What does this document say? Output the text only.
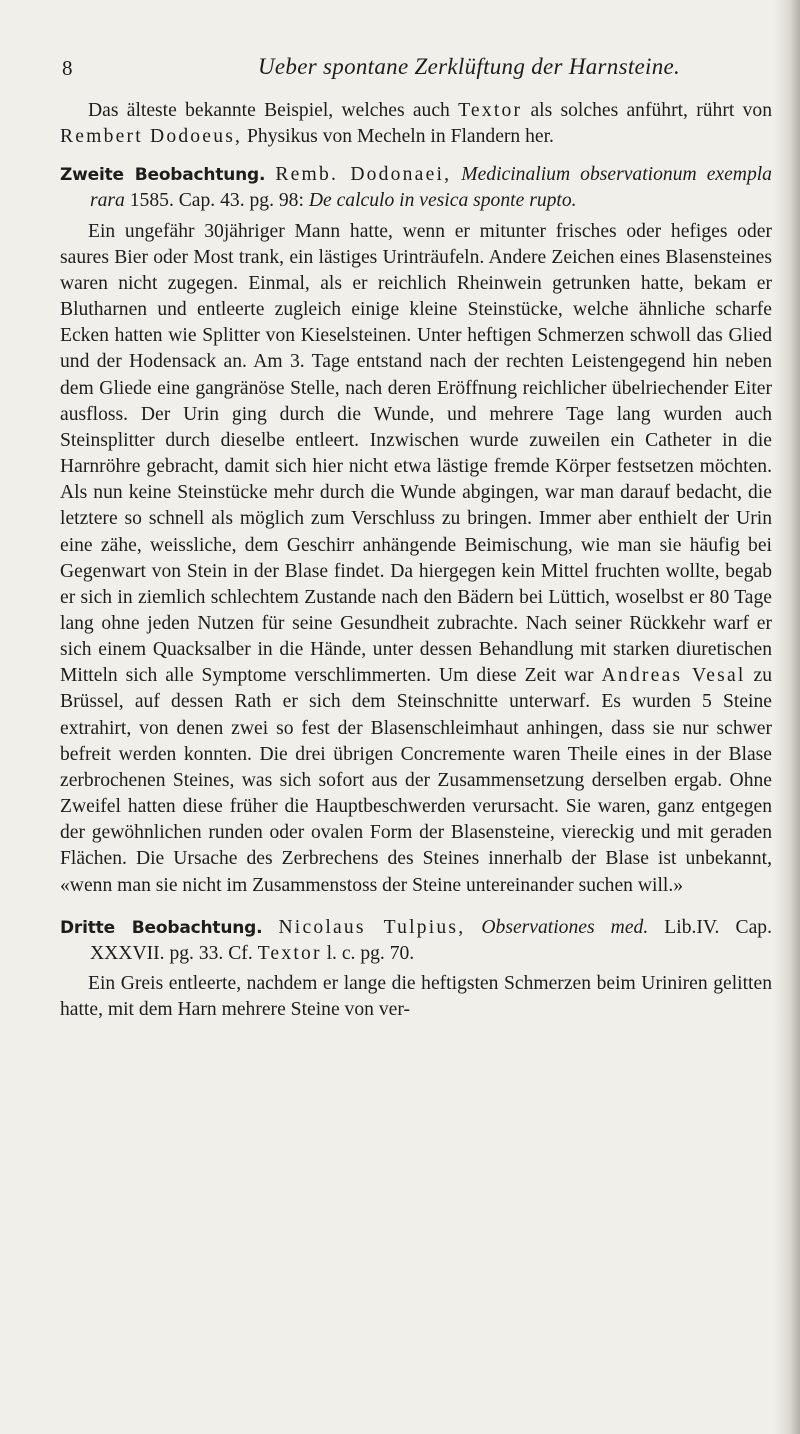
8	Ueber spontane Zerklüftung der Harnsteine.

Das älteste bekannte Beispiel, welches auch Textor als solches anführt, rührt von Rembert Dodoeus, Physikus von Mecheln in Flandern her.

Zweite Beobachtung. Remb. Dodonaei, Medicinalium observationum exempla rara 1585. Cap. 43. pg. 98: De calculo in vesica sponte rupto.

Ein ungefähr 30jähriger Mann hatte, wenn er mitunter frisches oder hefiges oder saures Bier oder Most trank, ein lästiges Urinträufeln. Andere Zeichen eines Blasensteines waren nicht zugegen. Einmal, als er reichlich Rheinwein getrunken hatte, bekam er Blutharnen und entleerte zugleich einige kleine Steinstücke, welche ähnliche scharfe Ecken hatten wie Splitter von Kieselsteinen. Unter heftigen Schmerzen schwoll das Glied und der Hodensack an. Am 3. Tage entstand nach der rechten Leistengegend hin neben dem Gliede eine gangränöse Stelle, nach deren Eröffnung reichlicher übelriechender Eiter ausfloss. Der Urin ging durch die Wunde, und mehrere Tage lang wurden auch Steinsplitter durch dieselbe entleert. Inzwischen wurde zuweilen ein Catheter in die Harnröhre gebracht, damit sich hier nicht etwa lästige fremde Körper festsetzen möchten. Als nun keine Steinstücke mehr durch die Wunde abgingen, war man darauf bedacht, die letztere so schnell als möglich zum Verschluss zu bringen. Immer aber enthielt der Urin eine zähe, weissliche, dem Geschirr anhängende Beimischung, wie man sie häufig bei Gegenwart von Stein in der Blase findet. Da hiergegen kein Mittel fruchten wollte, begab er sich in ziemlich schlechtem Zustande nach den Bädern bei Lüttich, woselbst er 80 Tage lang ohne jeden Nutzen für seine Gesundheit zubrachte. Nach seiner Rückkehr warf er sich einem Quacksalber in die Hände, unter dessen Behandlung mit starken diuretischen Mitteln sich alle Symptome verschlimmerten. Um diese Zeit war Andreas Vesal zu Brüssel, auf dessen Rath er sich dem Steinschnitte unterwarf. Es wurden 5 Steine extrahirt, von denen zwei so fest der Blasenschleimhaut anhingen, dass sie nur schwer befreit werden konnten. Die drei übrigen Concremente waren Theile eines in der Blase zerbrochenen Steines, was sich sofort aus der Zusammensetzung derselben ergab. Ohne Zweifel hatten diese früher die Hauptbeschwerden verursacht. Sie waren, ganz entgegen der gewöhnlichen runden oder ovalen Form der Blasensteine, viereckig und mit geraden Flächen. Die Ursache des Zerbrechens des Steines innerhalb der Blase ist unbekannt, «wenn man sie nicht im Zusammenstoss der Steine untereinander suchen will.»

Dritte Beobachtung. Nicolaus Tulpius, Observationes med. Lib.IV. Cap. XXXVII. pg. 33. Cf. Textor l. c. pg. 70.

Ein Greis entleerte, nachdem er lange die heftigsten Schmerzen beim Uriniren gelitten hatte, mit dem Harn mehrere Steine von ver-
